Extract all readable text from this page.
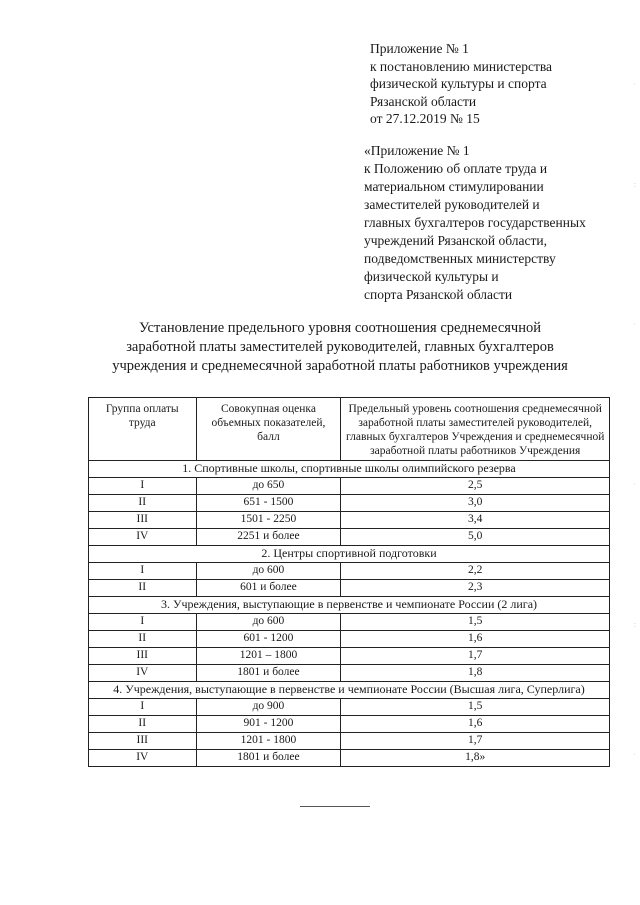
Приложение № 1
к постановлению министерства
физической культуры и спорта
Рязанской области
от 27.12.2019 № 15
«Приложение № 1
к Положению об оплате труда и
материальном стимулировании
заместителей руководителей и
главных бухгалтеров государственных
учреждений Рязанской области,
подведомственных министерству
физической культуры и
спорта Рязанской области
Установление предельного уровня соотношения среднемесячной
заработной платы заместителей руководителей, главных бухгалтеров
учреждения и среднемесячной заработной платы работников учреждения
Группа оплаты труда	Совокупная оценка объемных показателей, балл	Предельный уровень соотношения среднемесячной заработной платы заместителей руководителей, главных бухгалтеров Учреждения и среднемесячной заработной платы работников Учреждения
1. Спортивные школы, спортивные школы олимпийского резерва		
I	до 650	2,5
II	651 - 1500	3,0
III	1501 - 2250	3,4
IV	2251 и более	5,0
2. Центры спортивной подготовки		
I	до 600	2,2
II	601 и более	2,3
3. Учреждения, выступающие в первенстве и чемпионате России (2 лига)		
I	до 600	1,5
II	601 - 1200	1,6
III	1201 – 1800	1,7
IV	1801 и более	1,8
4. Учреждения, выступающие в первенстве и чемпионате России (Высшая лига, Суперлига)		
I	до 900	1,5
II	901 - 1200	1,6
III	1201 - 1800	1,7
IV	1801 и более	1,8»
·
:
·
·
:
·
